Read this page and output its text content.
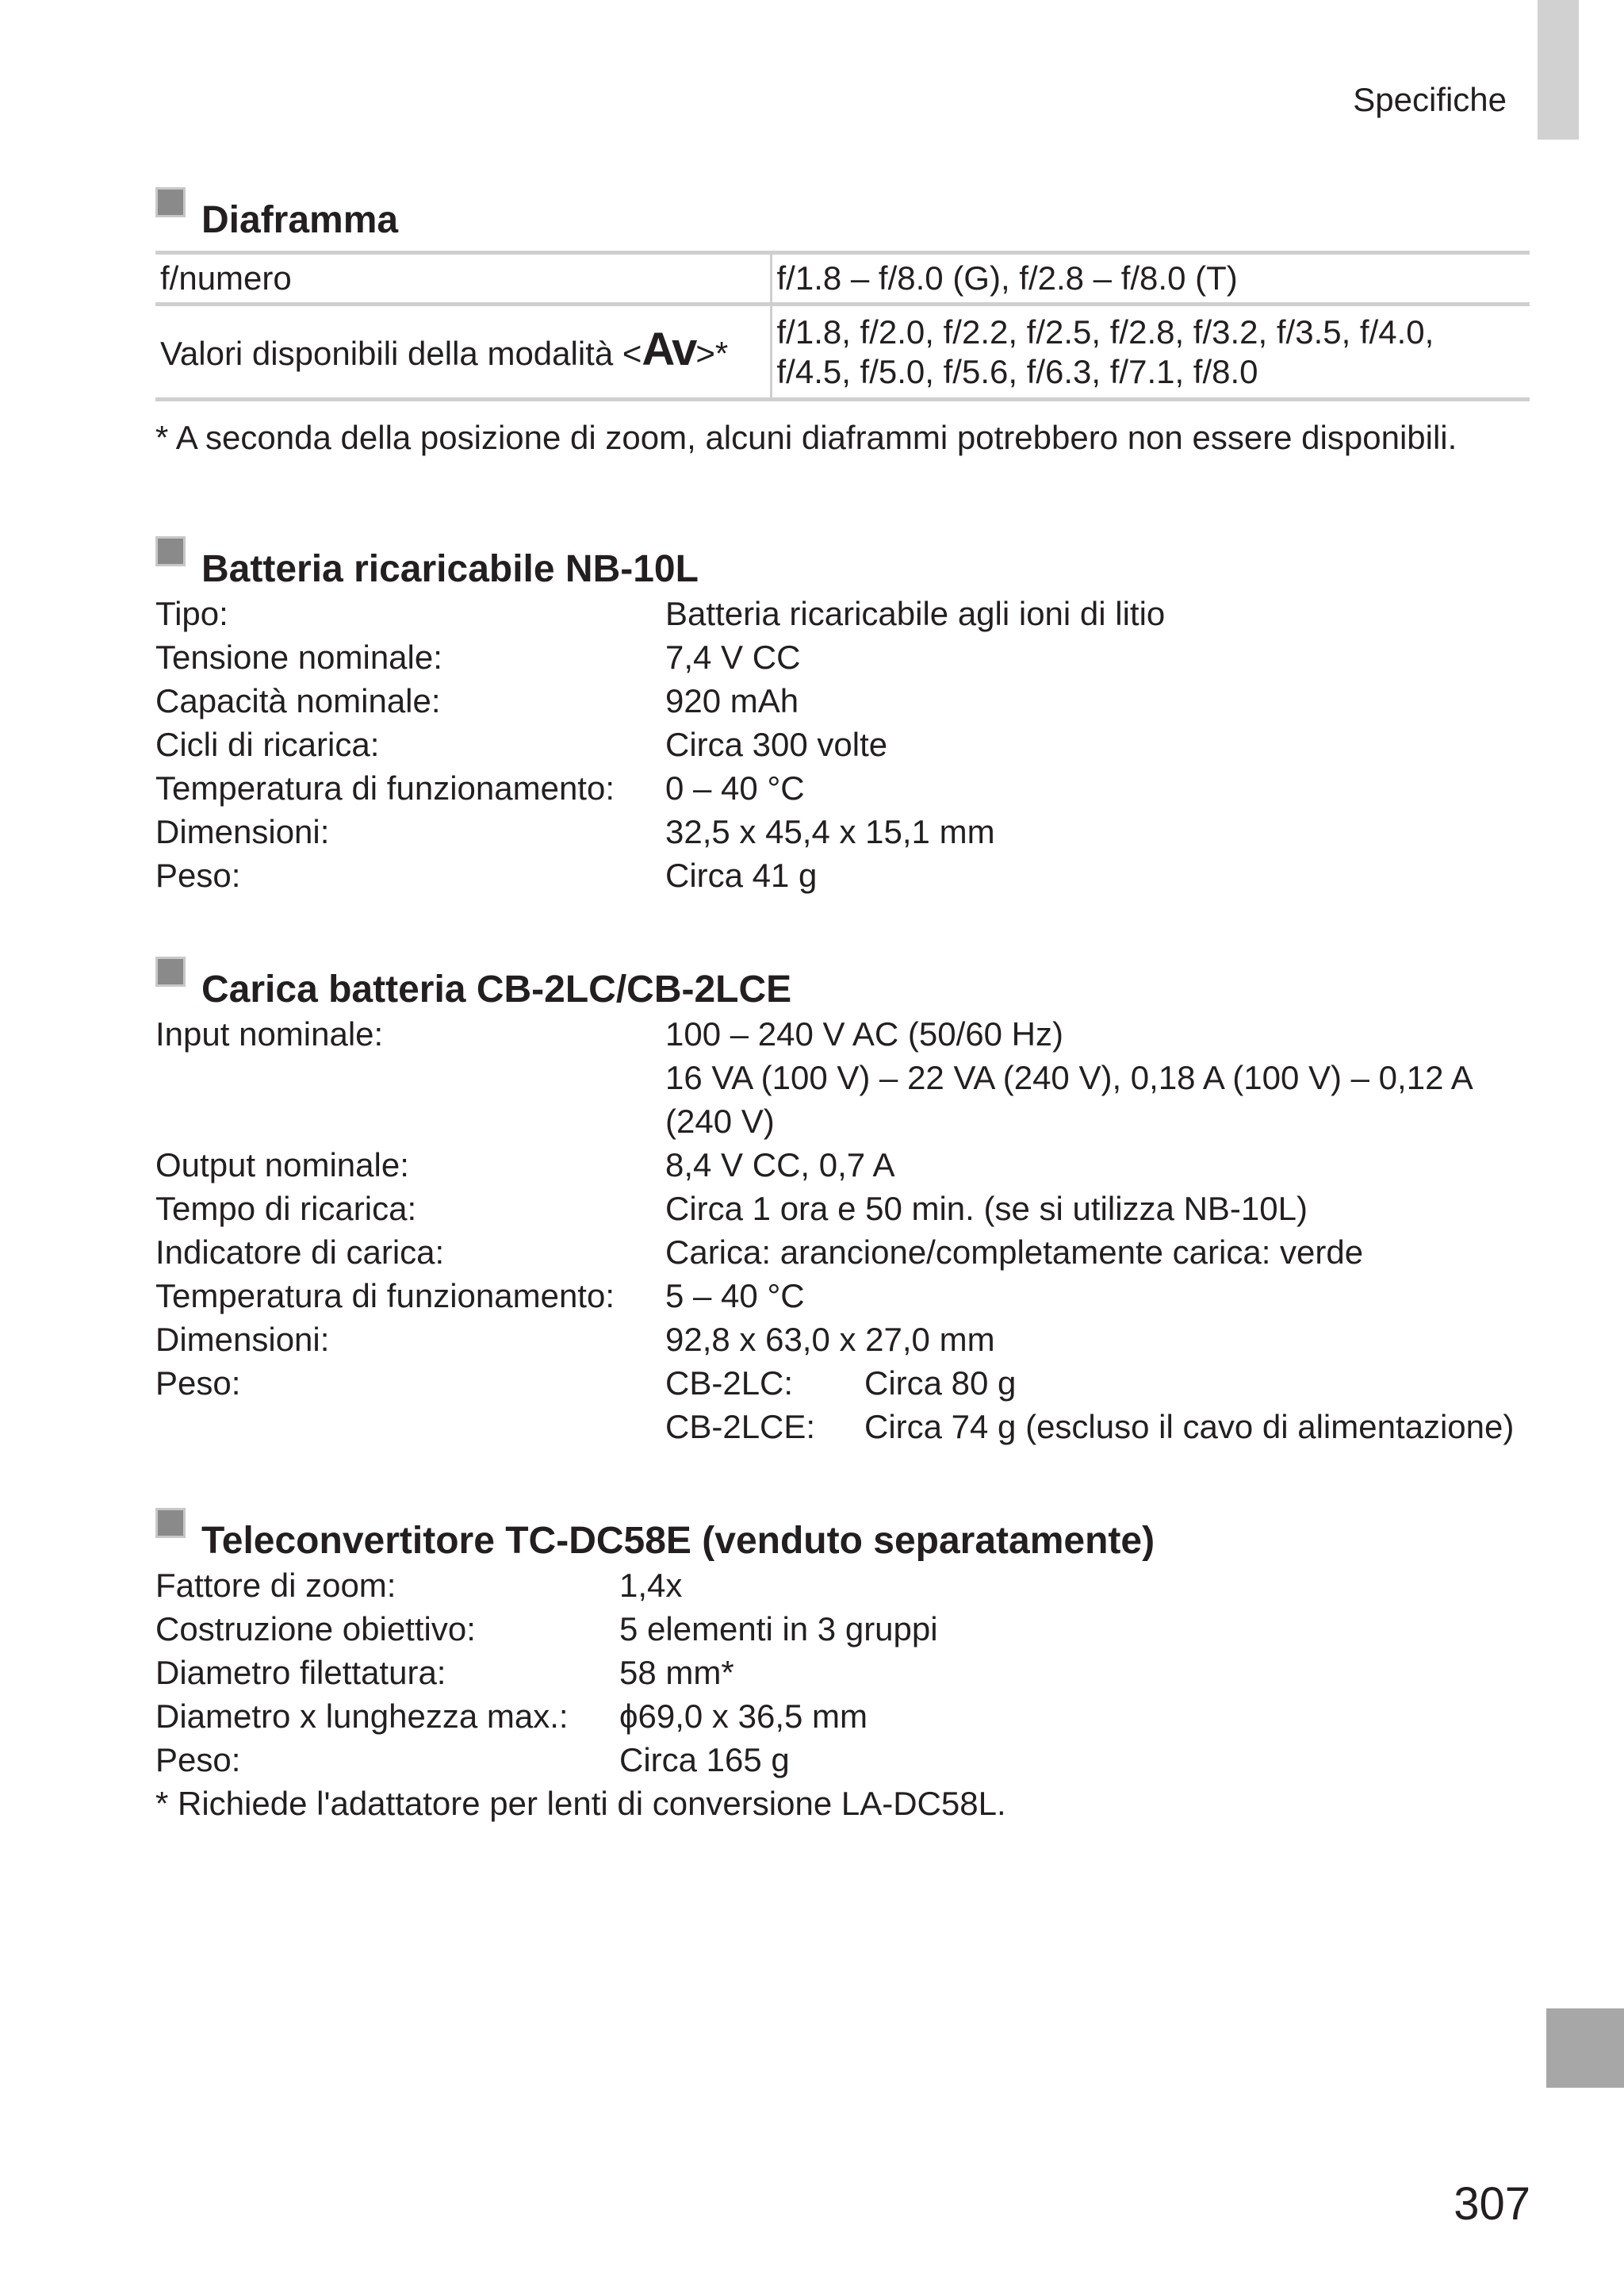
Specifiche
Diaframma
f/numero	f/1.8 – f/8.0 (G), f/2.8 – f/8.0 (T)
Valori disponibili della modalità <Av>*	f/1.8, f/2.0, f/2.2, f/2.5, f/2.8, f/3.2, f/3.5, f/4.0,
f/4.5, f/5.0, f/5.6, f/6.3, f/7.1, f/8.0
* A seconda della posizione di zoom, alcuni diaframmi potrebbero non essere disponibili.
Batteria ricaricabile NB-10L
Tipo:	Batteria ricaricabile agli ioni di litio
Tensione nominale:	7,4 V CC
Capacità nominale:	920 mAh
Cicli di ricarica:	Circa 300 volte
Temperatura di funzionamento:	0 – 40 °C
Dimensioni:	32,5 x 45,4 x 15,1 mm
Peso:	Circa 41 g
Carica batteria CB-2LC/CB-2LCE
Input nominale:	100 – 240 V AC (50/60 Hz)
16 VA (100 V) – 22 VA (240 V), 0,18 A (100 V) – 0,12 A
(240 V)
Output nominale:	8,4 V CC, 0,7 A
Tempo di ricarica:	Circa 1 ora e 50 min. (se si utilizza NB-10L)
Indicatore di carica:	Carica: arancione/completamente carica: verde
Temperatura di funzionamento:	5 – 40 °C
Dimensioni:	92,8 x 63,0 x 27,0 mm
Peso:	CB-2LC:	Circa 80 g
CB-2LCE:	Circa 74 g (escluso il cavo di alimentazione)
Teleconvertitore TC-DC58E (venduto separatamente)
Fattore di zoom:	1,4x
Costruzione obiettivo:	5 elementi in 3 gruppi
Diametro filettatura:	58 mm*
Diametro x lunghezza max.:	ϕ69,0 x 36,5 mm
Peso:	Circa 165 g
* Richiede l'adattatore per lenti di conversione LA-DC58L.
307
